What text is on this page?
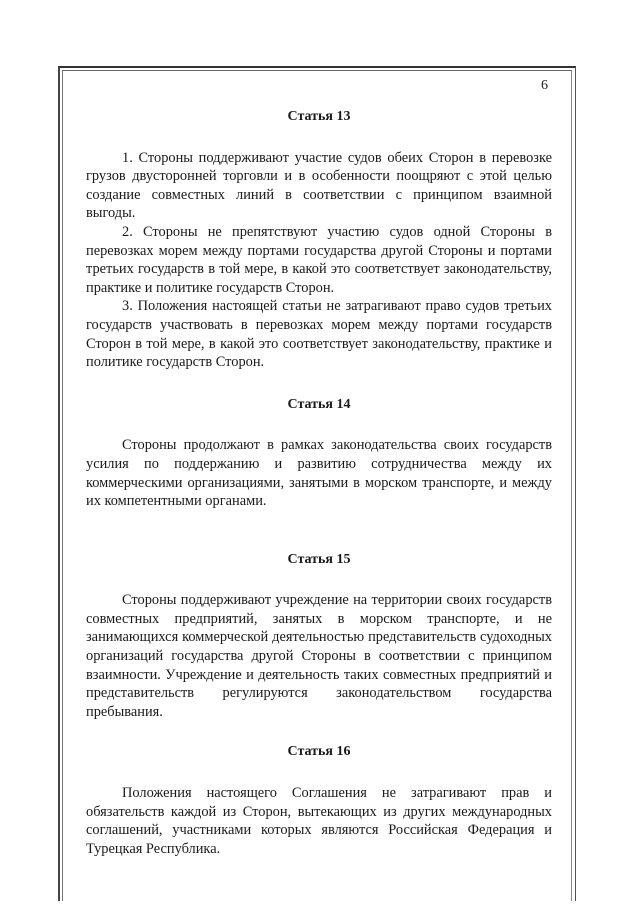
6
Статья 13

1. Стороны поддерживают участие судов обеих Сторон в перевозке грузов двусторонней торговли и в особенности поощряют с этой целью создание совместных линий в соответствии с принципом взаимной выгоды.

2. Стороны не препятствуют участию судов одной Стороны в перевозках морем между портами государства другой Стороны и портами третьих государств в той мере, в какой это соответствует законодательству, практике и политике государств Сторон.

3. Положения настоящей статьи не затрагивают право судов третьих государств участвовать в перевозках морем между портами государств Сторон в той мере, в какой это соответствует законодательству, практике и политике государств Сторон.

Статья 14

Стороны продолжают в рамках законодательства своих государств усилия по поддержанию и развитию сотрудничества между их коммерческими организациями, занятыми в морском транспорте, и между их компетентными органами.

Статья 15

Стороны поддерживают учреждение на территории своих государств совместных предприятий, занятых в морском транспорте, и не занимающихся коммерческой деятельностью представительств судоходных организаций государства другой Стороны в соответствии с принципом взаимности. Учреждение и деятельность таких совместных предприятий и представительств регулируются законодательством государства пребывания.

Статья 16

Положения настоящего Соглашения не затрагивают прав и обязательств каждой из Сторон, вытекающих из других международных соглашений, участниками которых являются Российская Федерация и Турецкая Республика.
